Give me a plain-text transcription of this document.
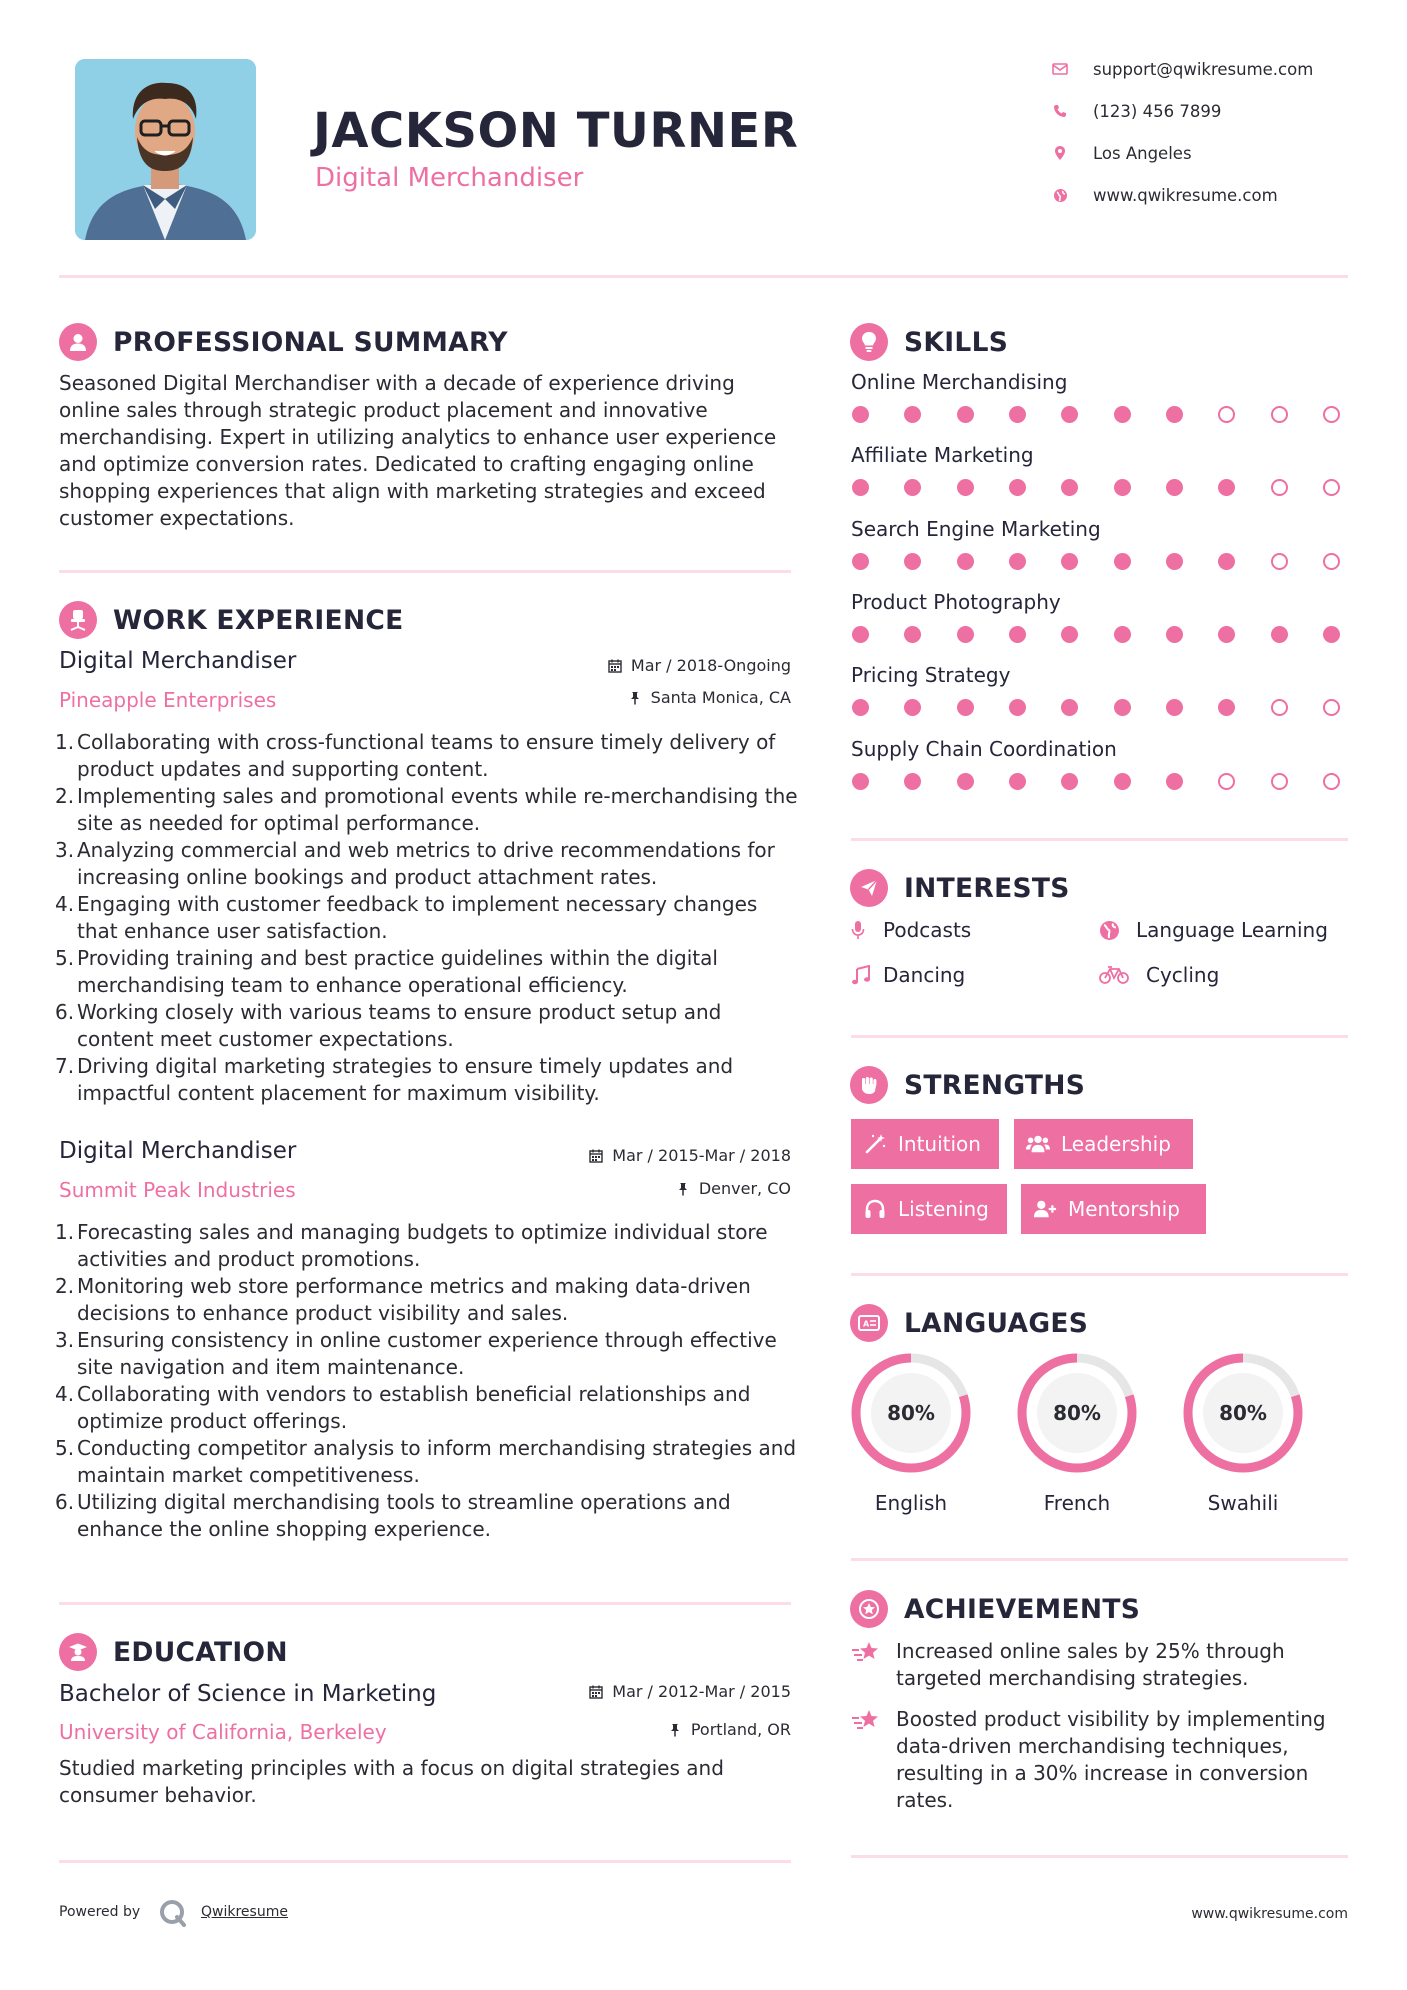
JACKSON TURNER
Digital Merchandiser
support@qwikresume.com
(123) 456 7899
Los Angeles
www.qwikresume.com
PROFESSIONAL SUMMARY

Seasoned Digital Merchandiser with a decade of experience driving online sales through strategic product placement and innovative merchandising. Expert in utilizing analytics to enhance user experience and optimize conversion rates. Dedicated to crafting engaging online shopping experiences that align with marketing strategies and exceed customer expectations.

WORK EXPERIENCE
Digital Merchandiser
Pineapple Enterprises
Mar / 2018-Ongoing
Santa Monica, CA
1. Collaborating with cross-functional teams to ensure timely delivery of product updates and supporting content.
2. Implementing sales and promotional events while re-merchandising the site as needed for optimal performance.
3. Analyzing commercial and web metrics to drive recommendations for increasing online bookings and product attachment rates.
4. Engaging with customer feedback to implement necessary changes that enhance user satisfaction.
5. Providing training and best practice guidelines within the digital merchandising team to enhance operational efficiency.
6. Working closely with various teams to ensure product setup and content meet customer expectations.
7. Driving digital marketing strategies to ensure timely updates and impactful content placement for maximum visibility.
Digital Merchandiser
Summit Peak Industries
Mar / 2015-Mar / 2018
Denver, CO
1. Forecasting sales and managing budgets to optimize individual store activities and product promotions.
2. Monitoring web store performance metrics and making data-driven decisions to enhance product visibility and sales.
3. Ensuring consistency in online customer experience through effective site navigation and item maintenance.
4. Collaborating with vendors to establish beneficial relationships and optimize product offerings.
5. Conducting competitor analysis to inform merchandising strategies and maintain market competitiveness.
6. Utilizing digital merchandising tools to streamline operations and enhance the online shopping experience.
EDUCATION
Bachelor of Science in Marketing
University of California, Berkeley
Mar / 2012-Mar / 2015
Portland, OR

Studied marketing principles with a focus on digital strategies and consumer behavior.

SKILLS
Online Merchandising
Affiliate Marketing
Search Engine Marketing
Product Photography
Pricing Strategy
Supply Chain Coordination
INTERESTS
Podcasts	Language Learning
Dancing	Cycling
STRENGTHS
Intuition	Leadership
Listening	Mentorship
A LANGUAGES
80%
English
80%
French
80%
Swahili
ACHIEVEMENTS

Increased online sales by 25% through targeted merchandising strategies.

Boosted product visibility by implementing data-driven merchandising techniques, resulting in a 30% increase in conversion rates.

Powered by	Qwikresume	www.qwikresume.com
